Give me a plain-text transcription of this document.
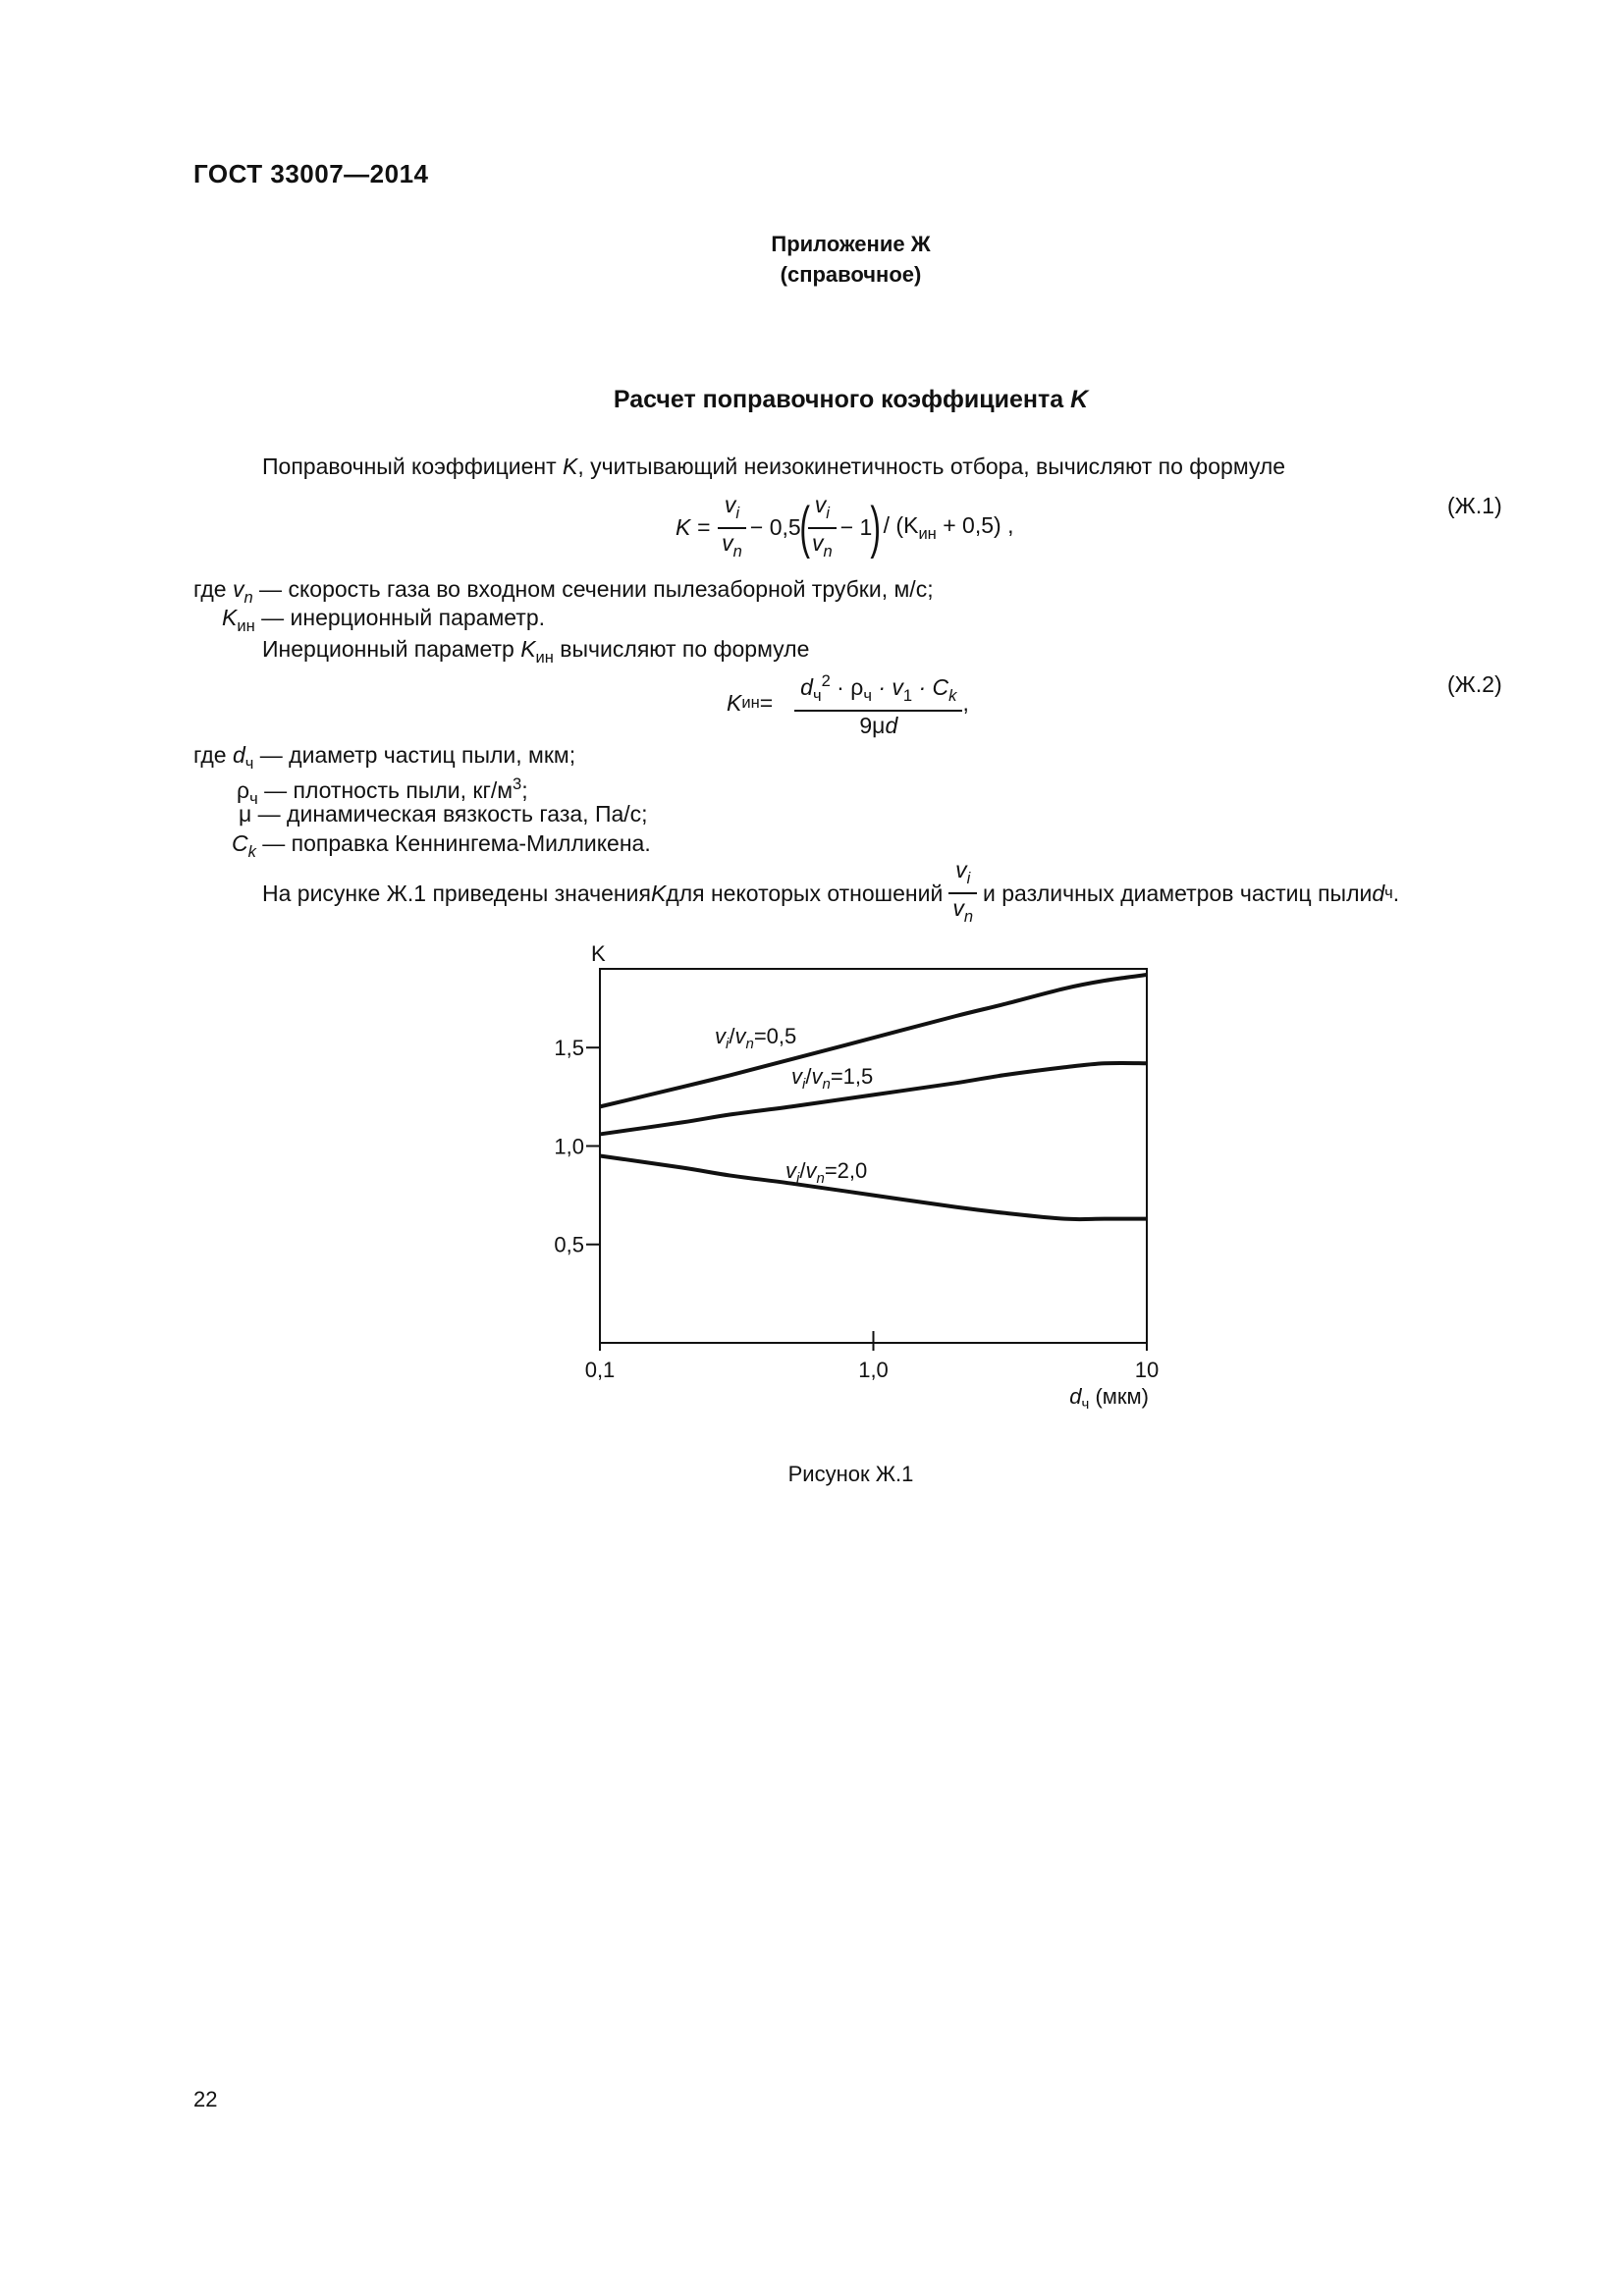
ГОСТ 33007—2014
Приложение Ж
(справочное)
Расчет поправочного коэффициента K
Поправочный коэффициент K, учитывающий неизокинетичность отбора, вычисляют по формуле
$K = \frac{v_i}{v_n} - 0,5$
(
$\frac{v_i}{v_n} - 1$
) / $(K_{ин} + 0,5)$ ,
(Ж.1)
где $v_n$ — скорость газа во входном сечении пылезаборной трубки, м/с;
$K_{ин}$ — инерционный параметр.
Инерционный параметр $K_{ин}$ вычисляют по формуле
K ин = $\frac{d_ч^2 \cdot \rho_ч \cdot v_1 \cdot C_k}{9\mu d}$ ,
(Ж.2)
где $d_ч$ — диаметр частиц пыли, мкм;
$\rho_ч$ — плотность пыли, $кг/м^3$;
μ — динамическая вязкость газа, Па/с;
$C_k$ — поправка Кеннингема-Милликена.
На рисунке Ж.1 приведены значения K для некоторых отношений $\frac{v_i}{v_n}$ и различных диаметров частиц пыли d ч .
0,5
1,0
1,5
0,1	1,0	10
K
$d_ч$ (мкм)
$v_i/v_n=0,5$
$v_i/v_n=1,5$
$v_i/v_n=2,0$
Рисунок Ж.1
22
